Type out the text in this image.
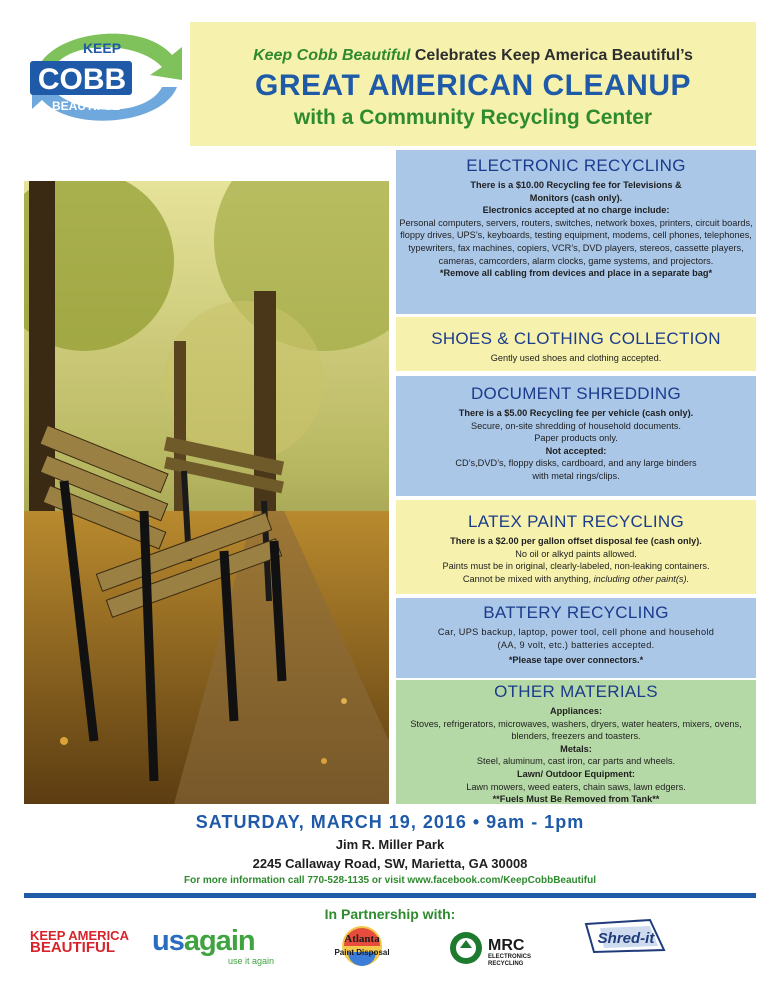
COBB
KEEP
BEAUTIFUL
Keep Cobb Beautiful Celebrates Keep America Beautiful’s
GREAT AMERICAN CLEANUP
with a Community Recycling Center
ELECTRONIC RECYCLING

There is a $10.00 Recycling fee for Televisions & Monitors (cash only).

Electronics accepted at no charge include:

Personal computers, servers, routers, switches, network boxes, printers, circuit boards, floppy drives, UPS’s, keyboards, testing equipment, modems, cell phones, telephones, typewriters, fax machines, copiers, VCR’s, DVD players, stereos, cassette players, cameras, camcorders, alarm clocks, game systems, and projectors.

*Remove all cabling from devices and place in a separate bag*

SHOES & CLOTHING COLLECTION

Gently used shoes and clothing accepted.

DOCUMENT SHREDDING

There is a $5.00 Recycling fee per vehicle (cash only).

Secure, on-site shredding of household documents.

Paper products only.

Not accepted:

CD’s,DVD’s, floppy disks, cardboard, and any large binders with metal rings/clips.

LATEX PAINT RECYCLING

There is a $2.00 per gallon offset disposal fee (cash only).

No oil or alkyd paints allowed.

Paints must be in original, clearly-labeled, non-leaking containers.

Cannot be mixed with anything, including other paint(s).

BATTERY RECYCLING

Car, UPS backup, laptop, power tool, cell phone and household (AA, 9 volt, etc.) batteries accepted.

*Please tape over connectors.*

OTHER MATERIALS

Appliances:

Stoves, refrigerators, microwaves, washers, dryers, water heaters, mixers, ovens, blenders, freezers and toasters.

Metals:

Steel, aluminum, cast iron, car parts and wheels.

Lawn/ Outdoor Equipment:

Lawn mowers, weed eaters, chain saws, lawn edgers.

**Fuels Must Be Removed from Tank**

SATURDAY, MARCH 19, 2016 • 9am - 1pm
Jim R. Miller Park
2245 Callaway Road, SW, Marietta, GA 30008
For more information call 770-528-1135 or visit www.facebook.com/KeepCobbBeautiful
In Partnership with:
KEEP AMERICA
BEAUTIFUL	usagain
use it again
Atlanta
Paint Disposal	MRC
ELECTRONICS
RECYCLING
Shred-it
